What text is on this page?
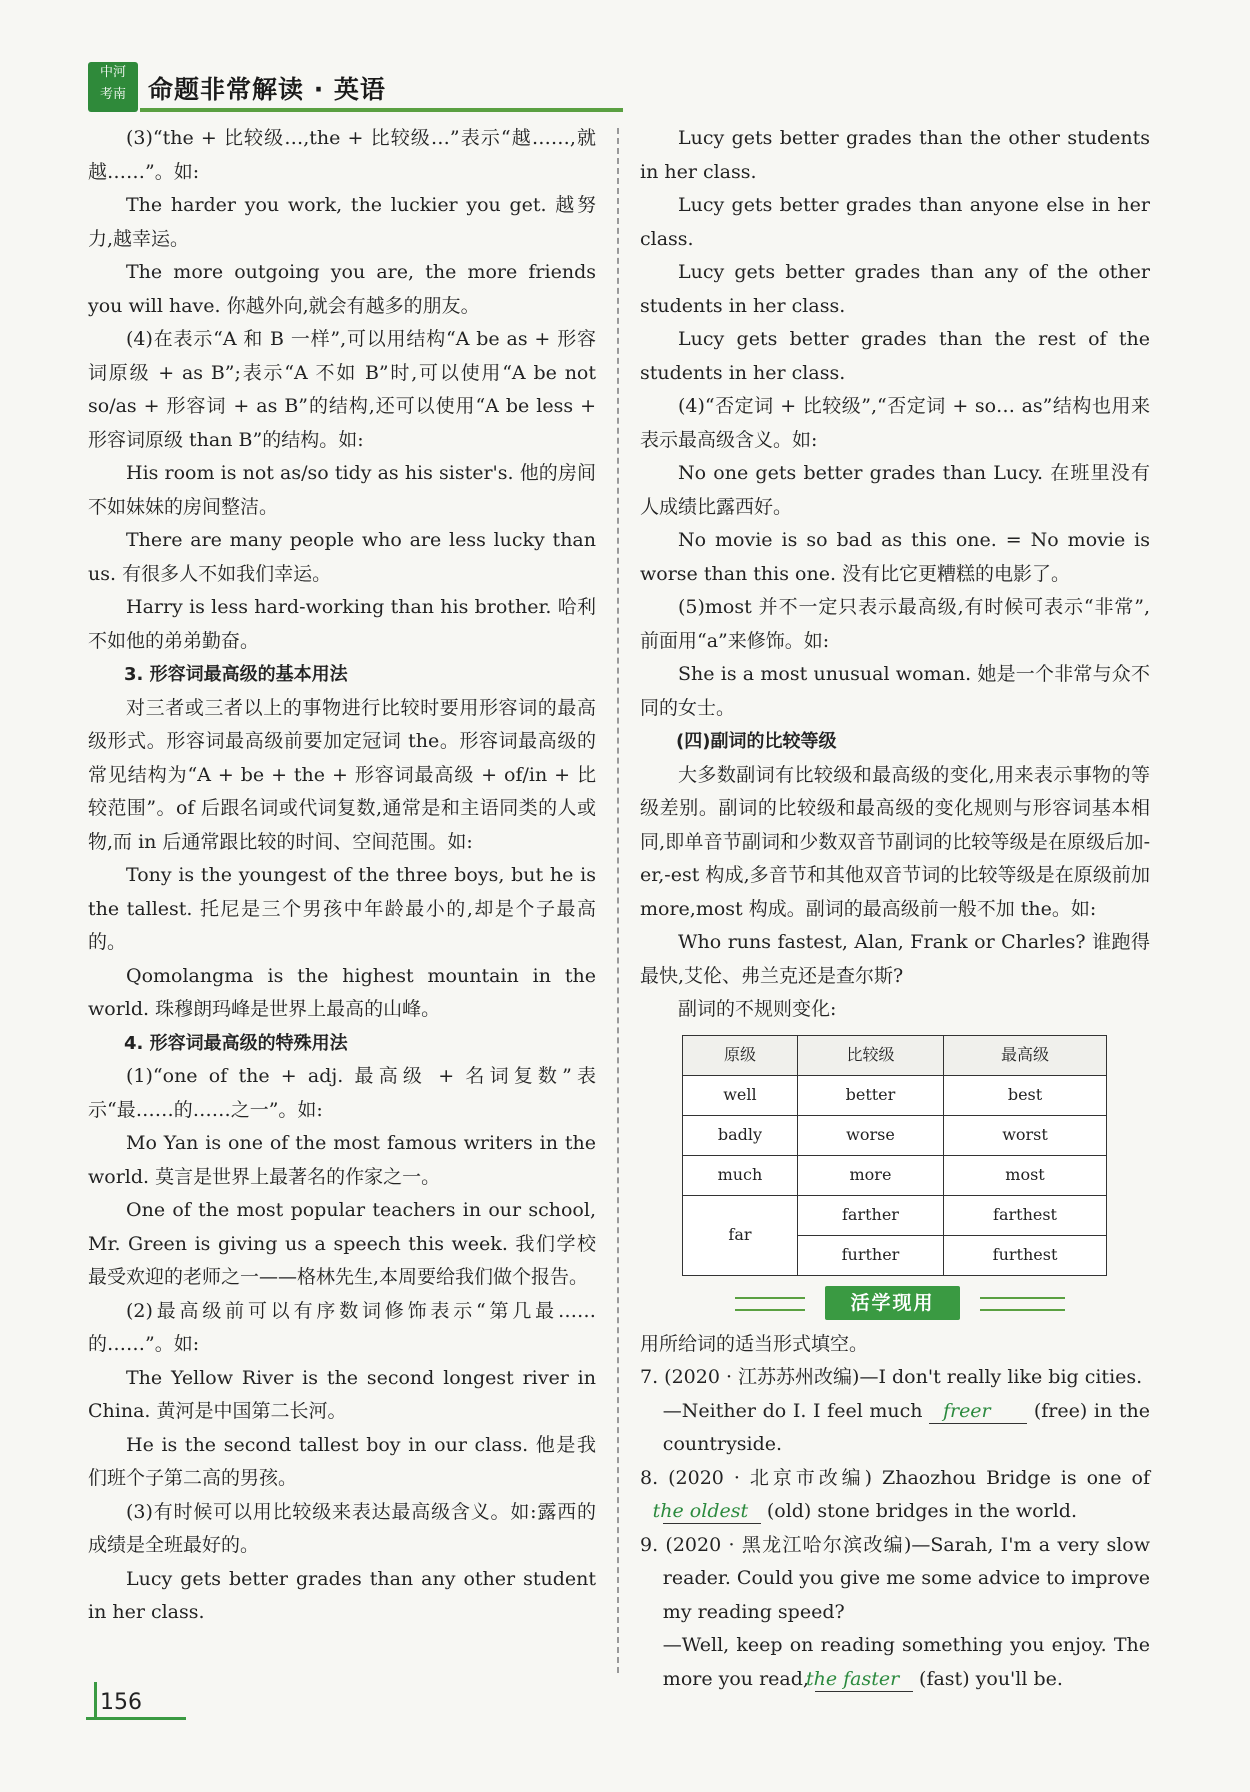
中河
考南 命题非常解读 · 英语

(3)“the + 比较级…,the + 比较级…”表示“越……,就越……”。如:

The harder you work, the luckier you get. 越努力,越幸运。

The more outgoing you are, the more friends you will have. 你越外向,就会有越多的朋友。

(4)在表示“A 和 B 一样”,可以用结构“A be as + 形容词原级 + as B”;表示“A 不如 B”时,可以使用“A be not so/as + 形容词 + as B”的结构,还可以使用“A be less + 形容词原级 than B”的结构。如:

His room is not as/so tidy as his sister's. 他的房间不如妹妹的房间整洁。

There are many people who are less lucky than us. 有很多人不如我们幸运。

Harry is less hard-working than his brother. 哈利不如他的弟弟勤奋。

3. 形容词最高级的基本用法

对三者或三者以上的事物进行比较时要用形容词的最高级形式。形容词最高级前要加定冠词 the。形容词最高级的常见结构为“A + be + the + 形容词最高级 + of/in + 比较范围”。of 后跟名词或代词复数,通常是和主语同类的人或物,而 in 后通常跟比较的时间、空间范围。如:

Tony is the youngest of the three boys, but he is the tallest. 托尼是三个男孩中年龄最小的,却是个子最高的。

Qomolangma is the highest mountain in the world. 珠穆朗玛峰是世界上最高的山峰。

4. 形容词最高级的特殊用法

(1)“one of the + adj. 最高级 + 名词复数”表示“最……的……之一”。如:

Mo Yan is one of the most famous writers in the world. 莫言是世界上最著名的作家之一。

One of the most popular teachers in our school, Mr. Green is giving us a speech this week. 我们学校最受欢迎的老师之一——格林先生,本周要给我们做个报告。

(2)最高级前可以有序数词修饰表示“第几最……的……”。如:

The Yellow River is the second longest river in China. 黄河是中国第二长河。

He is the second tallest boy in our class. 他是我们班个子第二高的男孩。

(3)有时候可以用比较级来表达最高级含义。如:露西的成绩是全班最好的。

Lucy gets better grades than any other student in her class.

Lucy gets better grades than the other students in her class.

Lucy gets better grades than anyone else in her class.

Lucy gets better grades than any of the other students in her class.

Lucy gets better grades than the rest of the students in her class.

(4)“否定词 + 比较级”,“否定词 + so… as”结构也用来表示最高级含义。如:

No one gets better grades than Lucy. 在班里没有人成绩比露西好。

No movie is so bad as this one. = No movie is worse than this one. 没有比它更糟糕的电影了。

(5)most 并不一定只表示最高级,有时候可表示“非常”,前面用“a”来修饰。如:

She is a most unusual woman. 她是一个非常与众不同的女士。

(四)副词的比较等级

大多数副词有比较级和最高级的变化,用来表示事物的等级差别。副词的比较级和最高级的变化规则与形容词基本相同,即单音节副词和少数双音节副词的比较等级是在原级后加-er,-est 构成,多音节和其他双音节词的比较等级是在原级前加 more,most 构成。副词的最高级前一般不加 the。如:

Who runs fastest, Alan, Frank or Charles? 谁跑得最快,艾伦、弗兰克还是查尔斯?

副词的不规则变化:

原级	比较级	最高级
well	better	best
badly	worse	worst
much	more	most
far	farther	farthest
	further	furthest
活学现用

用所给词的适当形式填空。

7. (2020 · 江苏苏州改编)—I don't really like big cities.
—Neither do I. I feel much freer (free) in the countryside.

8. (2020 · 北京市改编) Zhaozhou Bridge is one of the oldest (old) stone bridges in the world.

9. (2020 · 黑龙江哈尔滨改编)—Sarah, I'm a very slow reader. Could you give me some advice to improve my reading speed?
—Well, keep on reading something you enjoy. The more you read, the faster (fast) you'll be.

156
